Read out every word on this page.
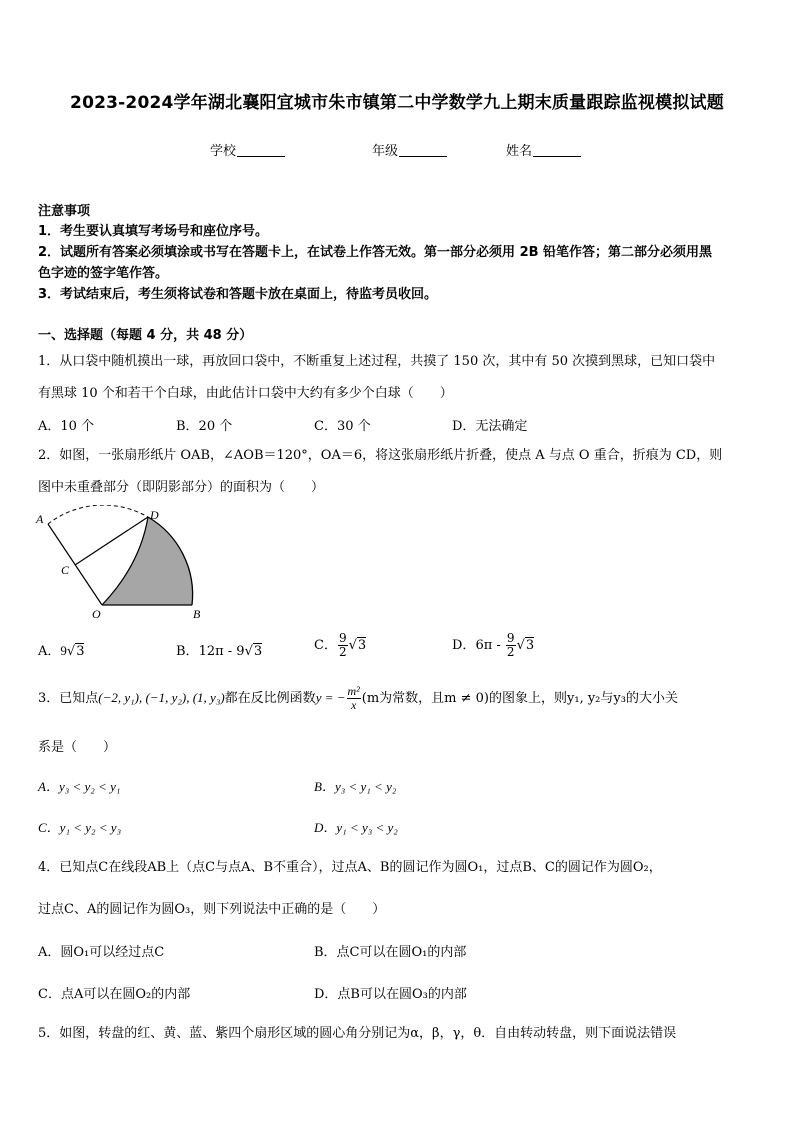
2023-2024学年湖北襄阳宜城市朱市镇第二中学数学九上期末质量跟踪监视模拟试题
学校	年级	姓名
注意事项
1．考生要认真填写考场号和座位序号。
2．试题所有答案必须填涂或书写在答题卡上，在试卷上作答无效。第一部分必须用 2B 铅笔作答；第二部分必须用黑
色字迹的签字笔作答。
3．考试结束后，考生须将试卷和答题卡放在桌面上，待监考员收回。
一、选择题（每题 4 分，共 48 分）
1．从口袋中随机摸出一球，再放回口袋中，不断重复上述过程，共摸了 150 次，其中有 50 次摸到黑球，已知口袋中
有黑球 10 个和若干个白球，由此估计口袋中大约有多少个白球（　　）
A．10 个	B．20 个	C．30 个	D．无法确定
2．如图，一张扇形纸片 OAB，∠AOB＝120°，OA＝6，将这张扇形纸片折叠，使点 A 与点 O 重合，折痕为 CD，则
图中未重叠部分（即阴影部分）的面积为（　　）
A	D
C
O	B
A．9√3	B．12π - 9√3	C． $\frac{9}{2} √3$	D．$6\pi - \frac{9}{2} √3$
3．已知点(−2, y₁), (−1, y₂), (1, y₃)都在反比例函数y = − $\frac{\text{m²}}{x} (m$为常数，且m ≠ 0)的图象上，则y₁, y₂与y₃的大小关
系是（　　）
A．y₃ < y₂ < y₁	B．y₃ < y₁ < y₂
C．y₁ < y₂ < y₃	D．y₁ < y₃ < y₂
4．已知点C在线段AB上（点C与点A、B不重合），过点A、B的圆记作为圆O₁，过点B、C的圆记作为圆O₂，
过点C、A的圆记作为圆O₃，则下列说法中正确的是（　　）
A．圆O₁可以经过点C	B．点C可以在圆O₁的内部
C．点A可以在圆O₂的内部	D．点B可以在圆O₃的内部
5．如图，转盘的红、黄、蓝、紫四个扇形区域的圆心角分别记为α，β，γ，θ．自由转动转盘，则下面说法错误
